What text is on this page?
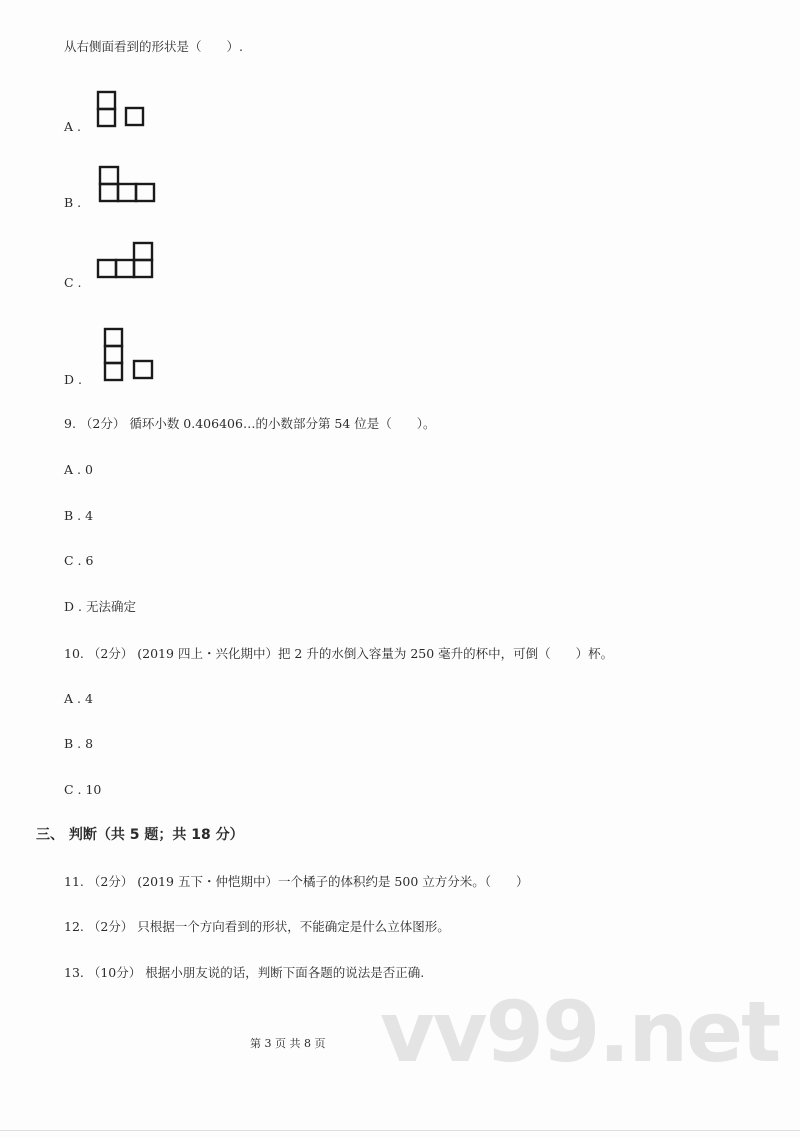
从右侧面看到的形状是（　　）.
A .
B .
C .
D .
9. （2分） 循环小数 0.406406…的小数部分第 54 位是（　　）。
A . 0
B . 4
C . 6
D . 无法确定
10. （2分） (2019 四上・兴化期中）把 2 升的水倒入容量为 250 毫升的杯中，可倒（　　）杯。
A . 4
B . 8
C . 10
三、 判断（共 5 题；共 18 分）
11. （2分） (2019 五下・仲恺期中）一个橘子的体积约是 500 立方分米。（　　）
12. （2分） 只根据一个方向看到的形状，不能确定是什么立体图形。
13. （10分） 根据小朋友说的话，判断下面各题的说法是否正确.
vv99.net
第 3 页 共 8 页
